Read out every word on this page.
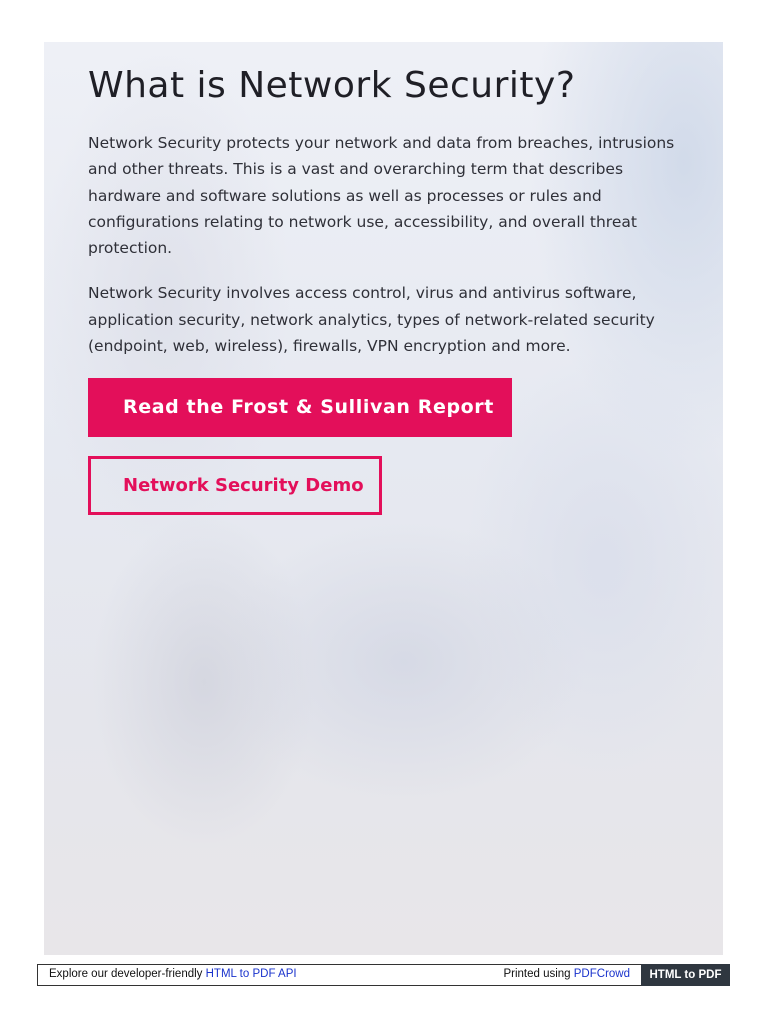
What is Network Security?

Network Security protects your network and data from breaches, intrusions and other threats. This is a vast and overarching term that describes hardware and software solutions as well as processes or rules and configurations relating to network use, accessibility, and overall threat protection.

Network Security involves access control, virus and antivirus software, application security, network analytics, types of network-related security (endpoint, web, wireless), firewalls, VPN encryption and more.

Read the Frost & Sullivan Report
Network Security Demo
Explore our developer-friendly HTML to PDF API	Printed using PDFCrowd	HTML to PDF
